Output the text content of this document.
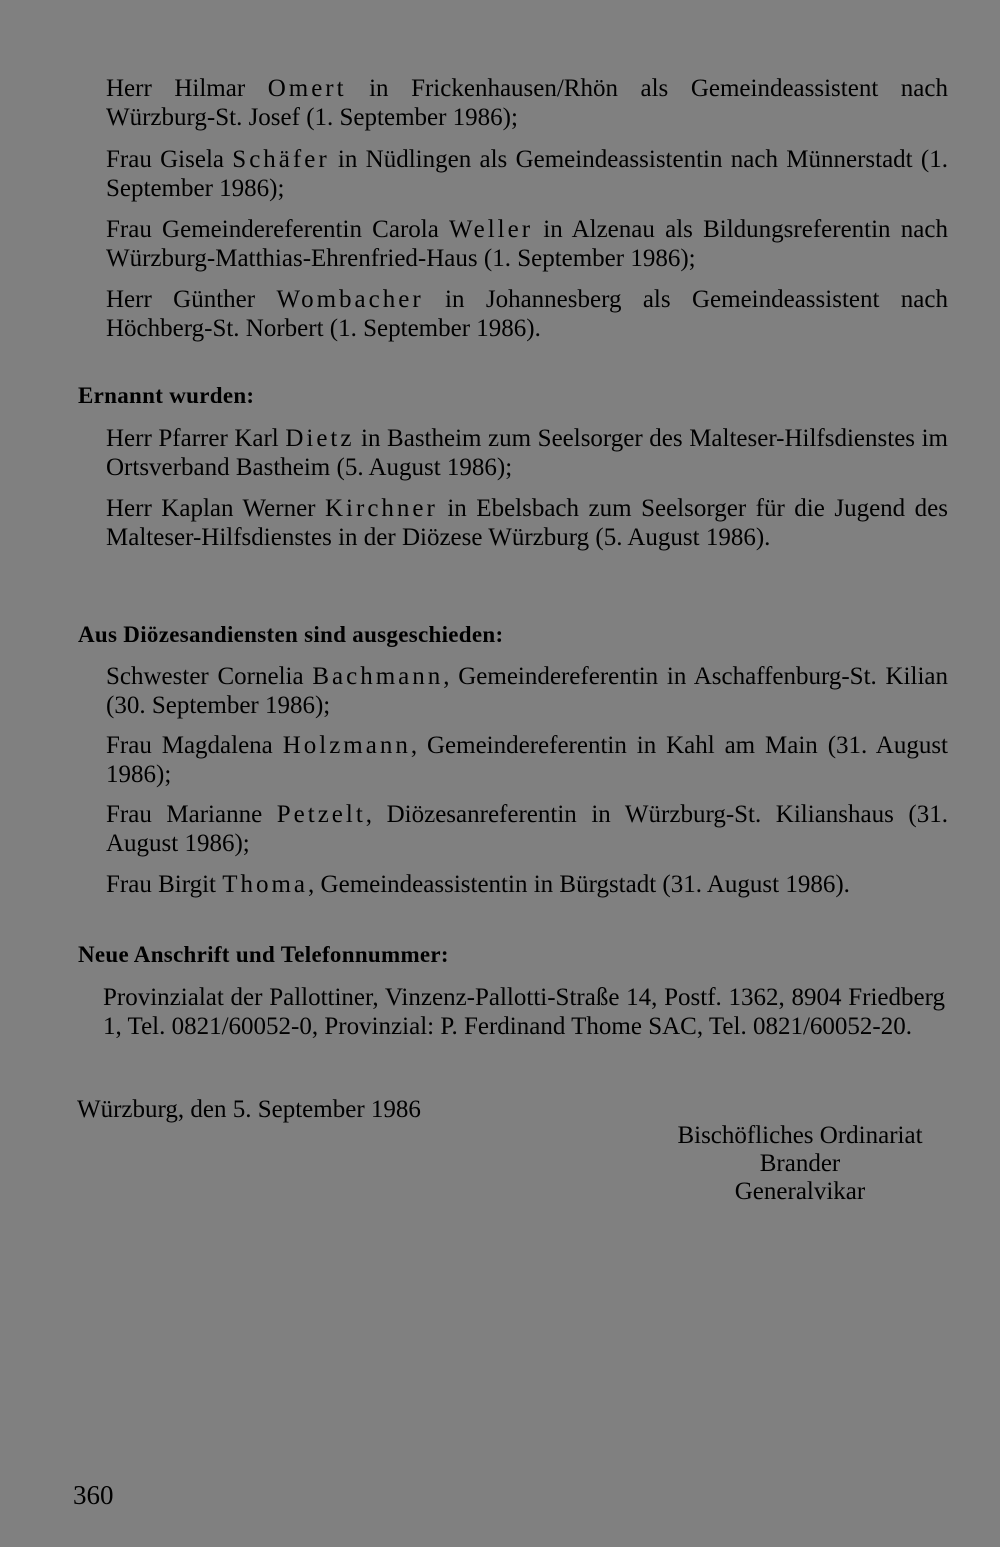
Herr Hilmar Omert in Frickenhausen/Rhön als Gemeindeassistent nach Würzburg-St. Josef (1. September 1986);

Frau Gisela Schäfer in Nüdlingen als Gemeindeassistentin nach Münnerstadt (1. September 1986);

Frau Gemeindereferentin Carola Weller in Alzenau als Bildungsreferentin nach Würzburg-Matthias-Ehrenfried-Haus (1. September 1986);

Herr Günther Wombacher in Johannesberg als Gemeindeassistent nach Höchberg-St. Norbert (1. September 1986).

Ernannt wurden:

Herr Pfarrer Karl Dietz in Bastheim zum Seelsorger des Malteser-Hilfsdienstes im Ortsverband Bastheim (5. August 1986);

Herr Kaplan Werner Kirchner in Ebelsbach zum Seelsorger für die Jugend des Malteser-Hilfsdienstes in der Diözese Würzburg (5. August 1986).

Aus Diözesandiensten sind ausgeschieden:

Schwester Cornelia Bachmann, Gemeindereferentin in Aschaffenburg-St. Kilian (30. September 1986);

Frau Magdalena Holzmann, Gemeindereferentin in Kahl am Main (31. August 1986);

Frau Marianne Petzelt, Diözesanreferentin in Würzburg-St. Kilianshaus (31. August 1986);

Frau Birgit Thoma, Gemeindeassistentin in Bürgstadt (31. August 1986).

Neue Anschrift und Telefonnummer:

Provinzialat der Pallottiner, Vinzenz-Pallotti-Straße 14, Postf. 1362, 8904 Friedberg 1, Tel. 0821/60052-0, Provinzial: P. Ferdinand Thome SAC, Tel. 0821/60052-20.

Würzburg, den 5. September 1986
Bischöfliches Ordinariat
Brander
Generalvikar
360
